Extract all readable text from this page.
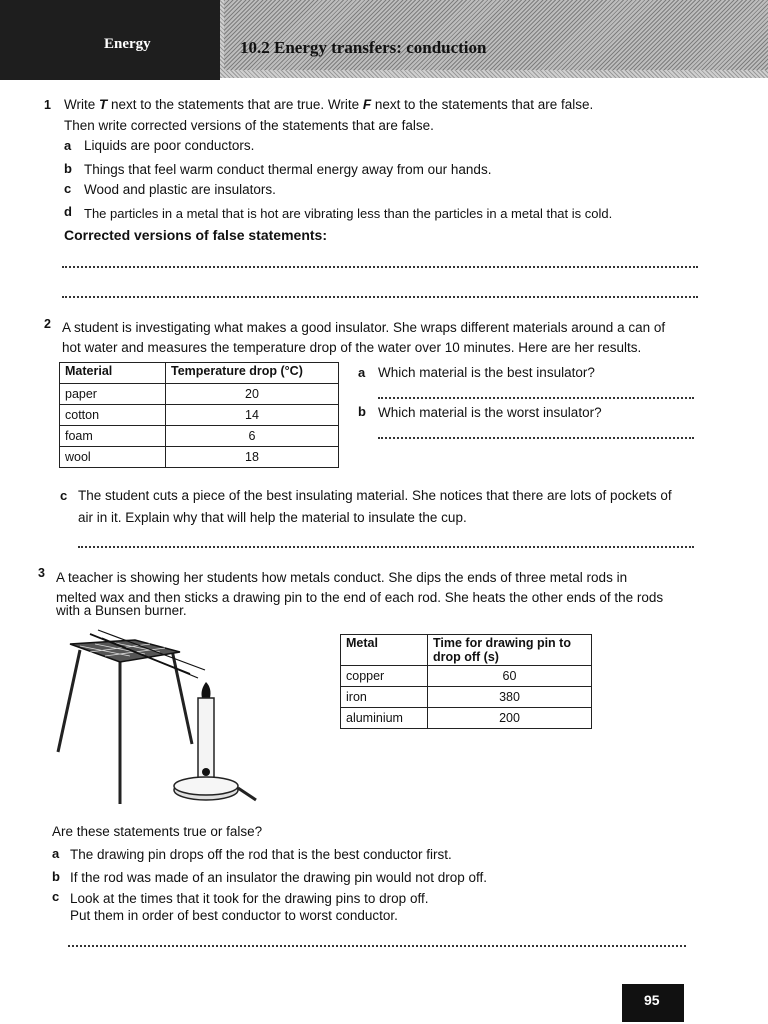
10.2 Energy transfers: conduction
Energy
1 Write T next to the statements that are true. Write F next to the statements that are false.
Then write corrected versions of the statements that are false.
a Liquids are poor conductors.
b Things that feel warm conduct thermal energy away from our hands.
c Wood and plastic are insulators.
d The particles in a metal that is hot are vibrating less than the particles in a metal that is cold.
Corrected versions of false statements:
2 A student is investigating what makes a good insulator. She wraps different materials around a can of
hot water and measures the temperature drop of the water over 10 minutes. Here are her results.
Material	Temperature drop (°C)
paper	20
cotton	14
foam	6
wool	18
a Which material is the best insulator?
b Which material is the worst insulator?
c The student cuts a piece of the best insulating material. She notices that there are lots of pockets of
air in it. Explain why that will help the material to insulate the cup.
3 A teacher is showing her students how metals conduct. She dips the ends of three metal rods in
melted wax and then sticks a drawing pin to the end of each rod. She heats the other ends of the rods
with a Bunsen burner.
Metal	Time for drawing pin to drop off (s)
copper	60
iron	380
aluminium	200
Are these statements true or false?
a The drawing pin drops off the rod that is the best conductor first.
b If the rod was made of an insulator the drawing pin would not drop off.
c Look at the times that it took for the drawing pins to drop off.
Put them in order of best conductor to worst conductor.
95
